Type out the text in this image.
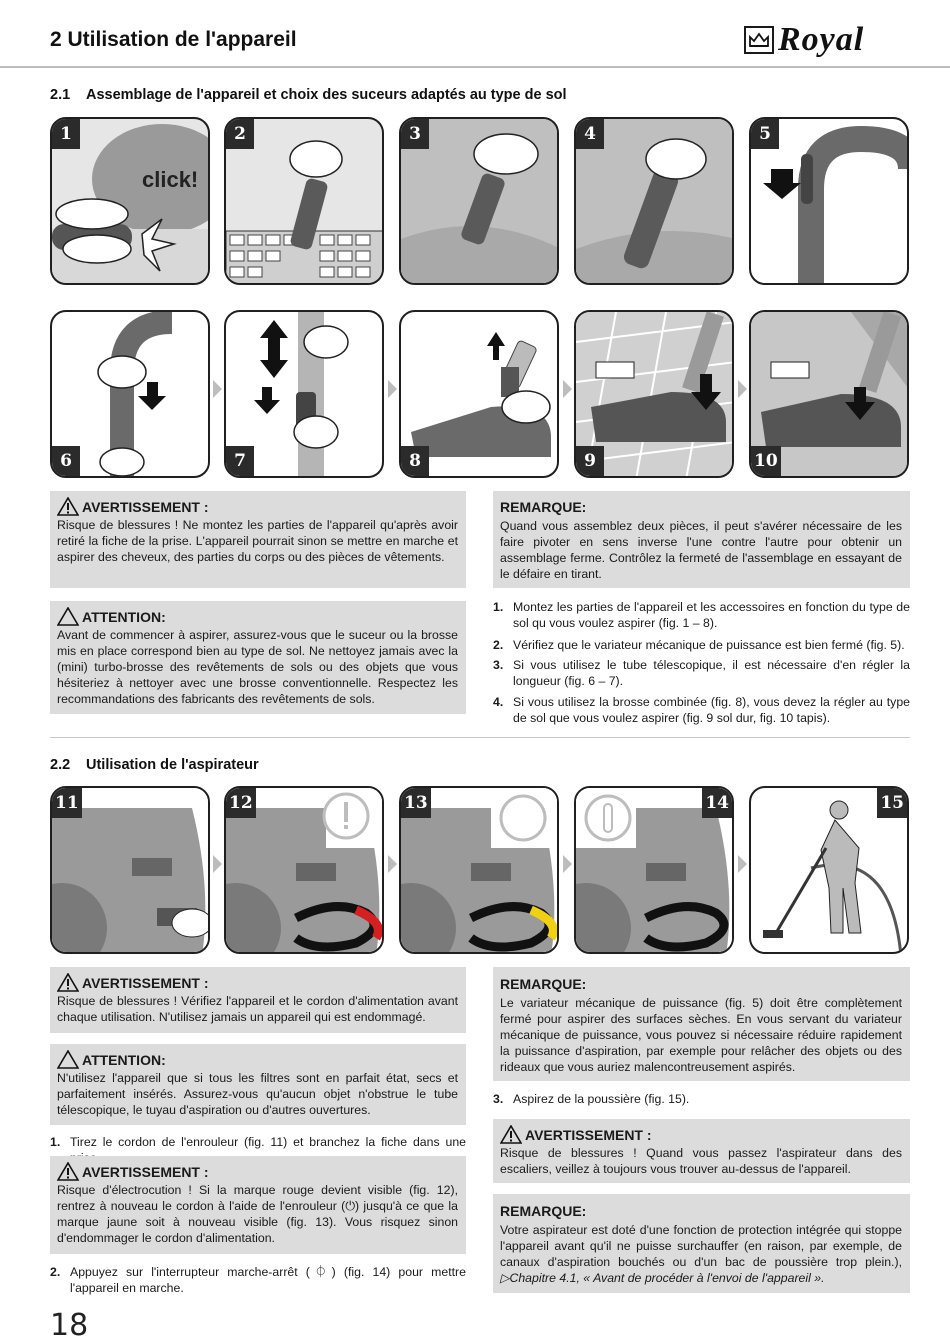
2 Utilisation de l'appareil	Royal
2.1 Assemblage de l'appareil et choix des suceurs adaptés au type de sol
1
click!
2	3	4	5
6	7	8	9	10
AVERTISSEMENT :
Risque de blessures ! Ne montez les parties de l'appareil qu'après avoir retiré la fiche de la prise. L'appareil pourrait sinon se mettre en marche et aspirer des cheveux, des parties du corps ou des pièces de vêtements.
ATTENTION:
Avant de commencer à aspirer, assurez-vous que le suceur ou la brosse mis en place correspond bien au type de sol. Ne nettoyez jamais avec la (mini) turbo-brosse des revêtements de sols ou des objets que vous hésiteriez à nettoyer avec une brosse conventionnelle. Respectez les recommandations des fabricants des revêtements de sols.
REMARQUE:
Quand vous assemblez deux pièces, il peut s'avérer nécessaire de les faire pivoter en sens inverse l'une contre l'autre pour obtenir un assemblage ferme. Contrôlez la fermeté de l'assemblage en essayant de le défaire en tirant.
1. Montez les parties de l'appareil et les accessoires en fonction du type de sol qu vous voulez aspirer (fig. 1 – 8).
2. Vérifiez que le variateur mécanique de puissance est bien fermé (fig. 5).
3. Si vous utilisez le tube télescopique, il est nécessaire d'en régler la longueur (fig. 6 – 7).
4. Si vous utilisez la brosse combinée (fig. 8), vous devez la régler au type de sol que vous voulez aspirer (fig. 9 sol dur, fig. 10 tapis).
2.2 Utilisation de l'aspirateur
11	12	13	14	15
AVERTISSEMENT :
Risque de blessures ! Vérifiez l'appareil et le cordon d'alimentation avant chaque utilisation. N'utilisez jamais un appareil qui est endommagé.
ATTENTION:
N'utilisez l'appareil que si tous les filtres sont en parfait état, secs et parfaitement insérés. Assurez-vous qu'aucun objet n'obstrue le tube télescopique, le tuyau d'aspiration ou d'autres ouvertures.
1. Tirez le cordon de l'enrouleur (fig. 11) et branchez la fiche dans une
AVERTISSEMENT :
Risque d'électrocution ! Si la marque rouge devient visible (fig. 12), rentrez à nouveau le cordon à l'aide de l'enrouleur (⏻) jusqu'à ce que la marque jaune soit à nouveau visible (fig. 13). Vous risquez sinon d'endommager le cordon d'alimentation.
2. Appuyez sur l'interrupteur marche-arrêt (⏀) (fig. 14) pour mettre l'appareil en marche.
REMARQUE:
Le variateur mécanique de puissance (fig. 5) doit être complètement fermé pour aspirer des surfaces sèches. En vous servant du variateur mécanique de puissance, vous pouvez si nécessaire réduire rapidement la puissance d'aspiration, par exemple pour relâcher des objets ou des rideaux que vous auriez malencontreusement aspirés.
3. Aspirez de la poussière (fig. 15).
AVERTISSEMENT :
Risque de blessures ! Quand vous passez l'aspirateur dans des escaliers, veillez à toujours vous trouver au-dessus de l'appareil.
REMARQUE:
Votre aspirateur est doté d'une fonction de protection intégrée qui stoppe l'appareil avant qu'il ne puisse surchauffer (en raison, par exemple, de canaux d'aspiration bouchés ou d'un bac de poussière trop plein.), ▷Chapitre 4.1, « Avant de procéder à l'envoi de l'appareil ».
18
